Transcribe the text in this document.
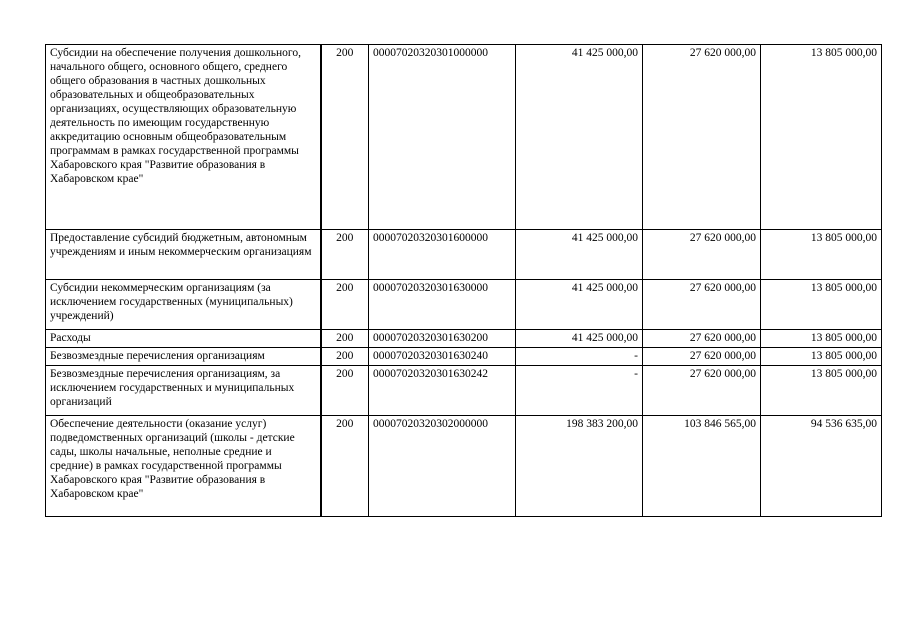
Субсидии на обеспечение получения дошкольного, начального общего, основного общего, среднего общего образования в частных дошкольных образовательных и общеобразовательных организациях, осуществляющих образовательную деятельность по имеющим государственную аккредитацию основным общеобразовательным программам в рамках государственной программы Хабаровского края "Развитие образования в Хабаровском крае"	200	00007020320301000000	41 425 000,00	27 620 000,00	13 805 000,00
Предоставление субсидий бюджетным, автономным учреждениям и иным некоммерческим организациям	200	00007020320301600000	41 425 000,00	27 620 000,00	13 805 000,00
Субсидии некоммерческим организациям (за исключением государственных (муниципальных) учреждений)	200	00007020320301630000	41 425 000,00	27 620 000,00	13 805 000,00
Расходы	200	00007020320301630200	41 425 000,00	27 620 000,00	13 805 000,00
Безвозмездные перечисления организациям	200	00007020320301630240	-	27 620 000,00	13 805 000,00
Безвозмездные перечисления организациям, за исключением государственных и муниципальных организаций	200	00007020320301630242	-	27 620 000,00	13 805 000,00
Обеспечение деятельности (оказание услуг) подведомственных организаций (школы - детские сады, школы начальные, неполные средние и средние) в рамках государственной программы Хабаровского края "Развитие образования в Хабаровском крае"	200	00007020320302000000	198 383 200,00	103 846 565,00	94 536 635,00
